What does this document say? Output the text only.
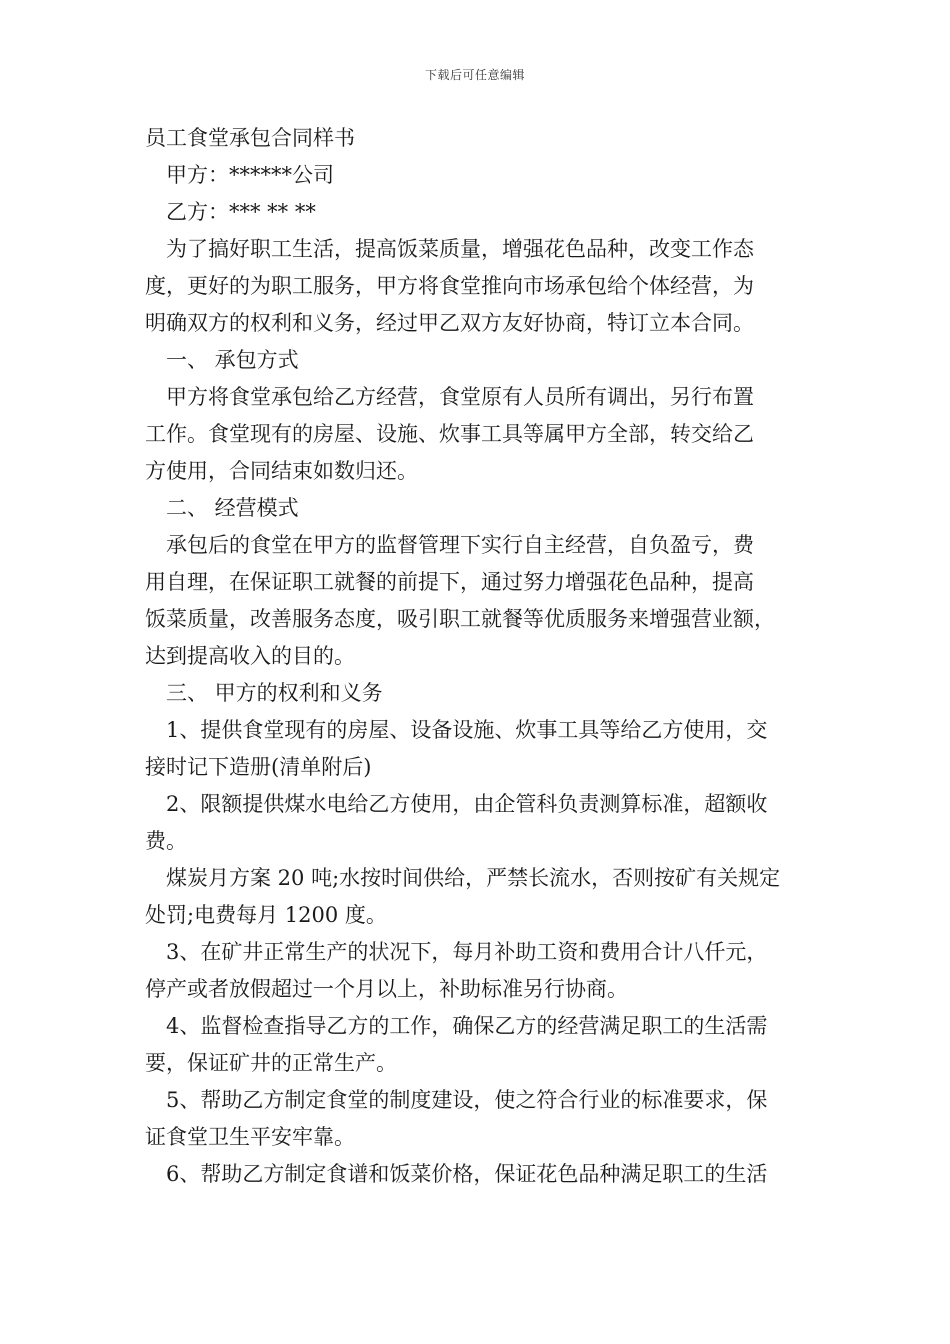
下载后可任意编辑
员工食堂承包合同样书
甲方：******公司
乙方：*** ** **
为了搞好职工生活，提高饭菜质量，增强花色品种，改变工作态
度，更好的为职工服务，甲方将食堂推向市场承包给个体经营，为
明确双方的权利和义务，经过甲乙双方友好协商，特订立本合同。
一、 承包方式
甲方将食堂承包给乙方经营，食堂原有人员所有调出，另行布置
工作。食堂现有的房屋、设施、炊事工具等属甲方全部，转交给乙
方使用，合同结束如数归还。
二、 经营模式
承包后的食堂在甲方的监督管理下实行自主经营，自负盈亏，费
用自理，在保证职工就餐的前提下，通过努力增强花色品种，提高
饭菜质量，改善服务态度，吸引职工就餐等优质服务来增强营业额，
达到提高收入的目的。
三、 甲方的权利和义务
1、提供食堂现有的房屋、设备设施、炊事工具等给乙方使用，交
接时记下造册(清单附后)
2、限额提供煤水电给乙方使用，由企管科负责测算标准，超额收
费。
煤炭月方案 20 吨;水按时间供给，严禁长流水，否则按矿有关规定
处罚;电费每月 1200 度。
3、在矿井正常生产的状况下，每月补助工资和费用合计八仟元，
停产或者放假超过一个月以上，补助标准另行协商。
4、监督检查指导乙方的工作，确保乙方的经营满足职工的生活需
要，保证矿井的正常生产。
5、帮助乙方制定食堂的制度建设，使之符合行业的标准要求，保
证食堂卫生平安牢靠。
6、帮助乙方制定食谱和饭菜价格，保证花色品种满足职工的生活
